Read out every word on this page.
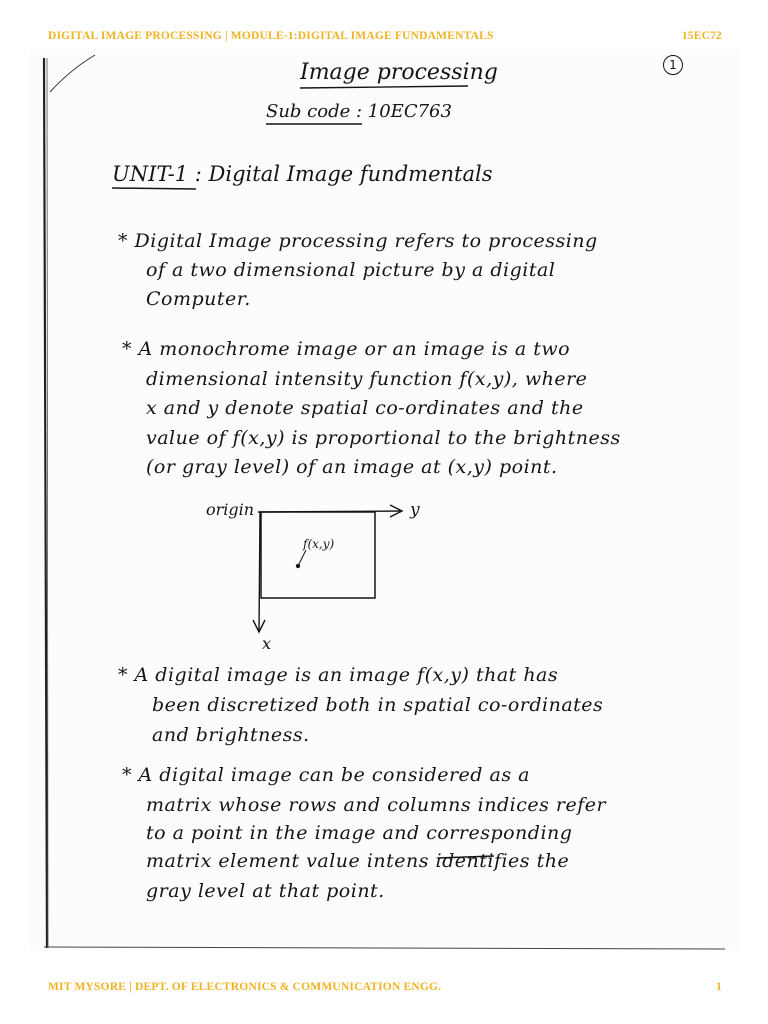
DIGITAL IMAGE PROCESSING | MODULE-1:DIGITAL IMAGE FUNDAMENTALS	15EC72
1
Image processing
Sub code : 10EC763
UNIT-1 : Digital Image fundmentals
* Digital Image processing refers to processing
of a two dimensional picture by a digital
Computer.
* A monochrome image or an image is a two
dimensional intensity function f(x,y), where
x and y denote spatial co-ordinates and the
value of f(x,y) is proportional to the brightness
(or gray level) of an image at (x,y) point.
origin	y
x
f(x,y)
* A digital image is an image f(x,y) that has
been discretized both in spatial co-ordinates
and brightness.
* A digital image can be considered as a
matrix whose rows and columns indices refer
to a point in the image and corresponding
matrix element value intens identifies the
gray level at that point.
MIT MYSORE | DEPT. OF ELECTRONICS & COMMUNICATION ENGG.	1
